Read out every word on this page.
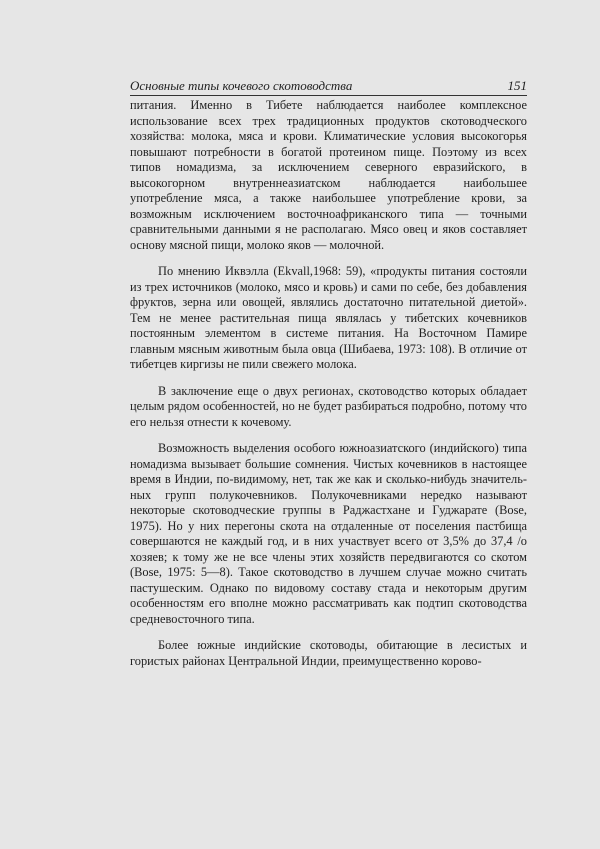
Основные типы кочевого скотоводства	151

питания. Именно в Тибете наблюдается наиболее комплексное использование всех трех традиционных продуктов скотоводческого хозяйства: молока, мяса и крови. Климатические условия высокогорья повышают потребности в богатой протеином пище. Поэтому из всех типов номадизма, за исключением северного евразийского, в высокогорном внутреннеазиатском наблюдается наибольшее употребление мяса, а также наибольшее употребление крови, за возможным исключением восточноафриканского типа — точными сравнительными данными я не располагаю. Мясо овец и яков составляет основу мясной пищи, молоко яков — молочной.

По мнению Иквэлла (Ekvall,1968: 59), «продукты питания состояли из трех источников (молоко, мясо и кровь) и сами по себе, без добавления фруктов, зерна или овощей, являлись достаточно питательной диетой». Тем не менее растительная пища являлась у тибетских кочевников постоянным элементом в системе питания. На Восточном Памире главным мясным животным была овца (Шибаева, 1973: 108). В отличие от тибетцев киргизы не пили свежего молока.

В заключение еще о двух регионах, скотоводство которых обладает целым рядом особенностей, но не будет разбираться подробно, потому что его нельзя отнести к кочевому.

Возможность выделения особого южноазиатского (индийского) типа номадизма вызывает большие сомнения. Чистых кочевников в настоящее время в Индии, по-видимому, нет, так же как и сколько-нибудь значительных групп полукочевников. Полукочевниками нередко называют некоторые скотоводческие группы в Раджастхане и Гуджарате (Bose, 1975). Но у них перегоны скота на отдаленные от поселения пастбища совершаются не каждый год, и в них участвует всего от 3,5% до 37,4 /о хозяев; к тому же не все члены этих хозяйств передвигаются со скотом (Bose, 1975: 5—8). Такое скотоводство в лучшем случае можно считать пастушеским. Однако по видовому составу стада и некоторым другим особенностям его вполне можно рассматривать как подтип скотоводства средневосточного типа.

Более южные индийские скотоводы, обитающие в лесистых и гористых районах Центральной Индии, преимущественно корово-
